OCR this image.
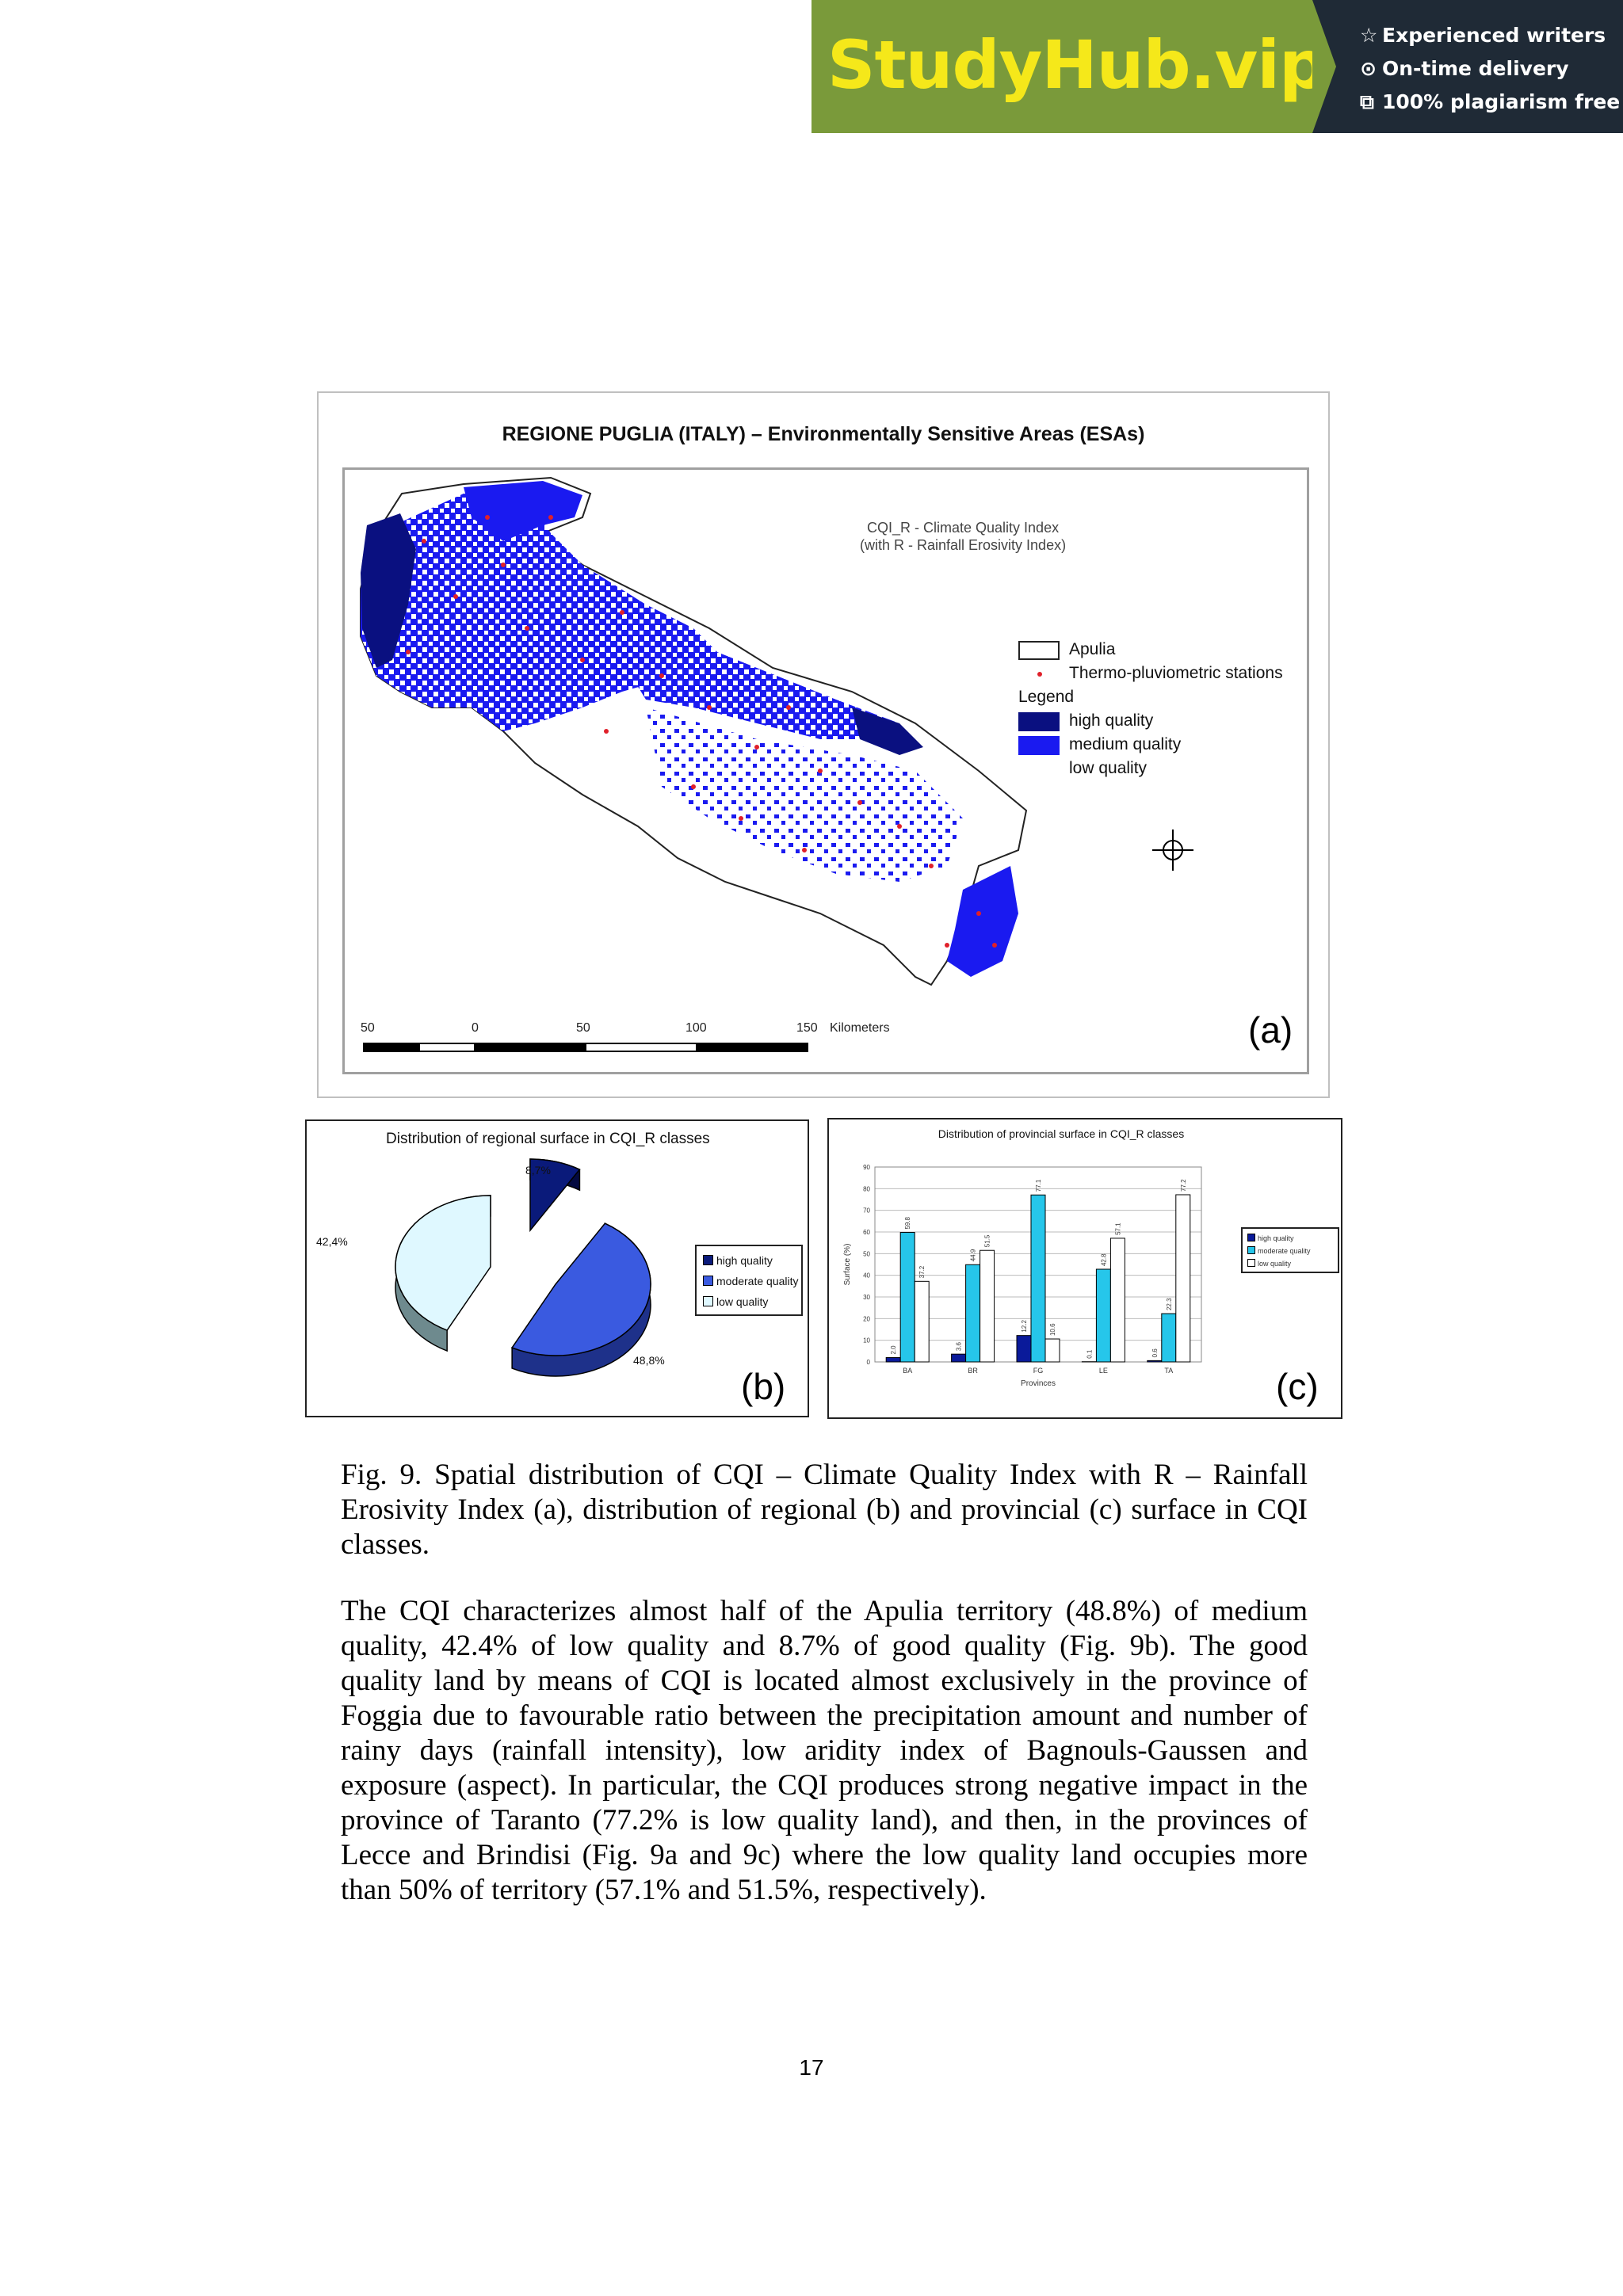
StudyHub.vip ☆ Experienced writers
⊙ On-time delivery
⧉ 100% plagiarism free
REGIONE PUGLIA (ITALY) – Environmentally Sensitive Areas (ESAs)
CQI_R - Climate Quality Index
(with R - Rainfall Erosivity Index)
Apulia
Thermo-pluviometric stations
Legend
high quality
medium quality
low quality
50	0	50	100	150 Kilometers	(a)
Distribution of regional surface in CQI_R classes
8,7%
48,8%
42,4%
high quality
moderate quality
low quality
(b)
Distribution of provincial surface in CQI_R classes
0
10
20
30
40
50
60
70
80
90
Surface (%)
Provinces
2.0
59.8
37.2
BA
3.6
44.9
51.5
BR
12.2
77.1
10.6
FG
0.1
42.8
57.1
LE
0.6
22.3
77.2
TA
high quality
moderate quality
low quality
(c)
Fig. 9. Spatial distribution of CQI – Climate Quality Index with R – Rainfall Erosivity Index (a), distribution of regional (b) and provincial (c) surface in CQI classes.
The CQI characterizes almost half of the Apulia territory (48.8%) of medium quality, 42.4% of low quality and 8.7% of good quality (Fig. 9b). The good quality land by means of CQI is located almost exclusively in the province of Foggia due to favourable ratio between the precipitation amount and number of rainy days (rainfall intensity), low aridity index of Bagnouls-Gaussen and exposure (aspect). In particular, the CQI produces strong negative impact in the province of Taranto (77.2% is low quality land), and then, in the provinces of Lecce and Brindisi (Fig. 9a and 9c) where the low quality land occupies more than 50% of territory (57.1% and 51.5%, respectively).
17
